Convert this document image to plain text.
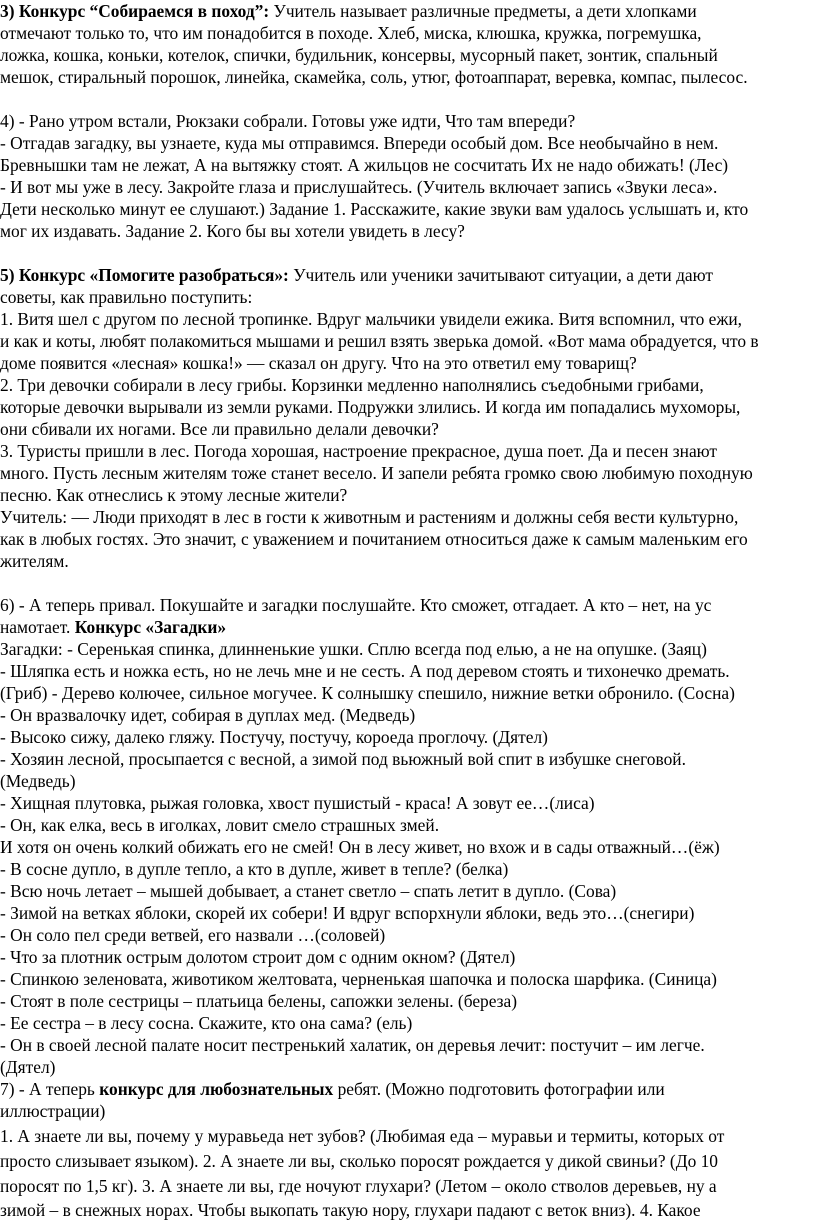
3) Конкурс “Собираемся в поход”: Учитель называет различные предметы, а дети хлопками
отмечают только то, что им понадобится в походе. Хлеб, миска, клюшка, кружка, погремушка,
ложка, кошка, коньки, котелок, спички, будильник, консервы, мусорный пакет, зонтик, спальный
мешок, стиральный порошок, линейка, скамейка, соль, утюг, фотоаппарат, веревка, компас, пылесос.
4) - Рано утром встали, Рюкзаки собрали. Готовы уже идти, Что там впереди?
- Отгадав загадку, вы узнаете, куда мы отправимся. Впереди особый дом. Все необычайно в нем.
Бревнышки там не лежат, А на вытяжку стоят. А жильцов не сосчитать Их не надо обижать! (Лес)
- И вот мы уже в лесу. Закройте глаза и прислушайтесь. (Учитель включает запись «Звуки леса».
Дети несколько минут ее слушают.) Задание 1. Расскажите, какие звуки вам удалось услышать и, кто
мог их издавать. Задание 2. Кого бы вы хотели увидеть в лесу?
5) Конкурс «Помогите разобраться»: Учитель или ученики зачитывают ситуации, а дети дают
советы, как правильно поступить:
1. Витя шел с другом по лесной тропинке. Вдруг мальчики увидели ежика. Витя вспомнил, что ежи,
и как и коты, любят полакомиться мышами и решил взять зверька домой. «Вот мама обрадуется, что в
доме появится «лесная» кошка!» — сказал он другу. Что на это ответил ему товарищ?
2. Три девочки собирали в лесу грибы. Корзинки медленно наполнялись съедобными грибами,
которые девочки вырывали из земли руками. Подружки злились. И когда им попадались мухоморы,
они сбивали их ногами. Все ли правильно делали девочки?
3. Туристы пришли в лес. Погода хорошая, настроение прекрасное, душа поет. Да и песен знают
много. Пусть лесным жителям тоже станет весело. И запели ребята громко свою любимую походную
песню. Как отнеслись к этому лесные жители?
Учитель: — Люди приходят в лес в гости к животным и растениям и должны себя вести культурно,
как в любых гостях. Это значит, с уважением и почитанием относиться даже к самым маленьким его
жителям.
6) - А теперь привал. Покушайте и загадки послушайте. Кто сможет, отгадает. А кто – нет, на ус
намотает. Конкурс «Загадки»
Загадки: - Серенькая спинка, длинненькие ушки. Сплю всегда под елью, а не на опушке. (Заяц)
- Шляпка есть и ножка есть, но не лечь мне и не сесть. А под деревом стоять и тихонечко дремать.
(Гриб) - Дерево колючее, сильное могучее. К солнышку спешило, нижние ветки обронило. (Сосна)
- Он вразвалочку идет, собирая в дуплах мед. (Медведь)
- Высоко сижу, далеко гляжу. Постучу, постучу, короеда проглочу. (Дятел)
- Хозяин лесной, просыпается с весной, а зимой под вьюжный вой спит в избушке снеговой.
(Медведь)
- Хищная плутовка, рыжая головка, хвост пушистый - краса! А зовут ее…(лиса)
- Он, как елка, весь в иголках, ловит смело страшных змей.
И хотя он очень колкий обижать его не смей! Он в лесу живет, но вхож и в сады отважный…(ёж)
- В сосне дупло, в дупле тепло, а кто в дупле, живет в тепле? (белка)
- Всю ночь летает – мышей добывает, а станет светло – спать летит в дупло. (Сова)
- Зимой на ветках яблоки, скорей их собери! И вдруг вспорхнули яблоки, ведь это…(снегири)
- Он соло пел среди ветвей, его назвали …(соловей)
- Что за плотник острым долотом строит дом с одним окном? (Дятел)
- Спинкою зеленовата, животиком желтовата, черненькая шапочка и полоска шарфика. (Синица)
- Стоят в поле сестрицы – платьица белены, сапожки зелены. (береза)
- Ее сестра – в лесу сосна. Скажите, кто она сама? (ель)
- Он в своей лесной палате носит пестренький халатик, он деревья лечит: постучит – им легче.
(Дятел)
7) - А теперь конкурс для любознательных ребят. (Можно подготовить фотографии или
иллюстрации)
1. А знаете ли вы, почему у муравьеда нет зубов? (Любимая еда – муравьи и термиты, которых от
просто слизывает языком). 2. А знаете ли вы, сколько поросят рождается у дикой свиньи? (До 10
поросят по 1,5 кг). 3. А знаете ли вы, где ночуют глухари? (Летом – около стволов деревьев, ну а
зимой – в снежных норах. Чтобы выкопать такую нору, глухари падают с веток вниз). 4. Какое
